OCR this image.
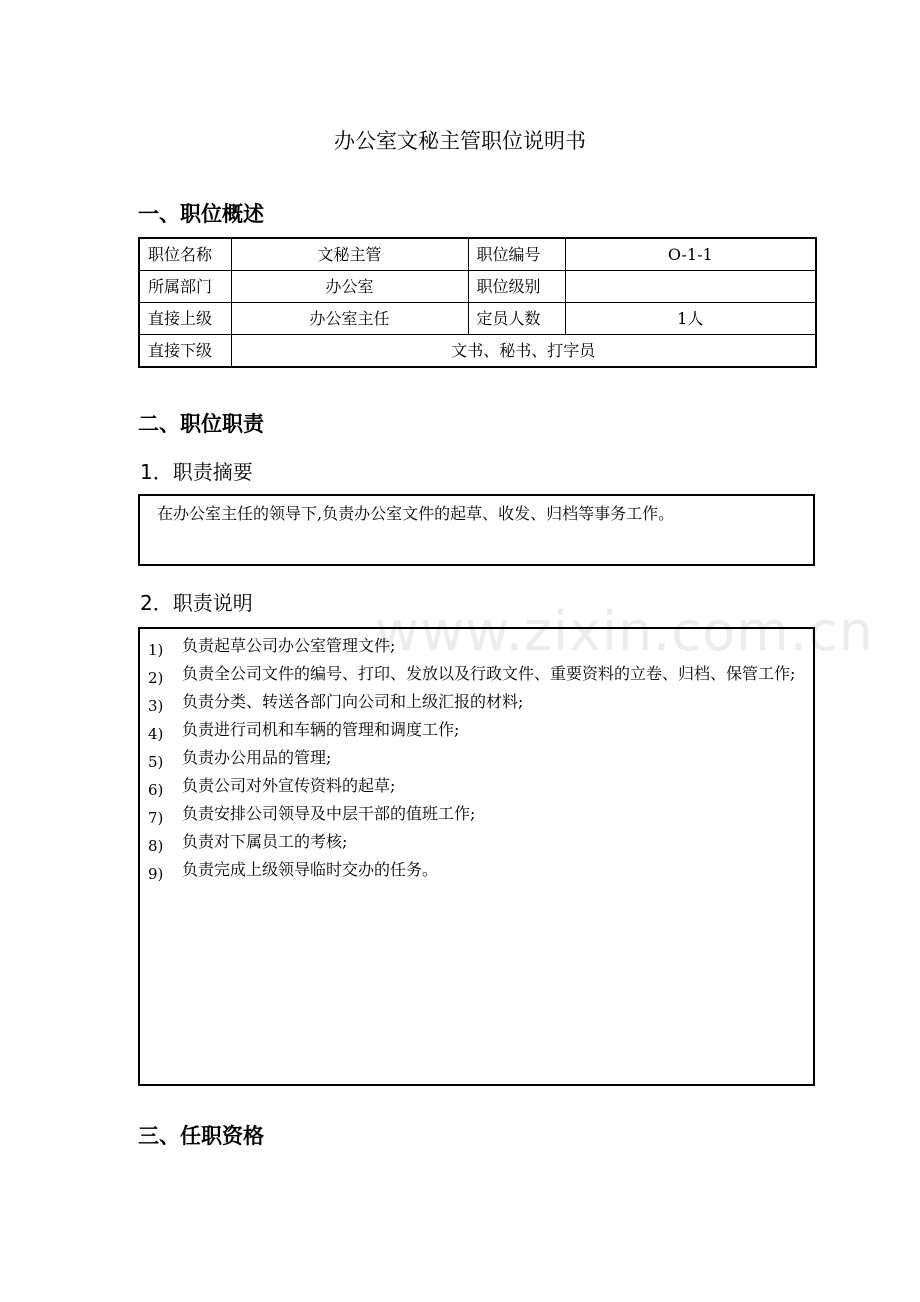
www.zixin.com.cn
办公室文秘主管职位说明书
一、职位概述
职位名称	文秘主管	职位编号	O-1-1
所属部门	办公室	职位级别	
直接上级	办公室主任	定员人数	1人
直接下级	文书、秘书、打字员		
二、职位职责
1．职责摘要
在办公室主任的领导下,负责办公室文件的起草、收发、归档等事务工作。
2．职责说明
1) 负责起草公司办公室管理文件;
2) 负责全公司文件的编号、打印、发放以及行政文件、重要资料的立卷、归档、保管工作;
3) 负责分类、转送各部门向公司和上级汇报的材料;
4) 负责进行司机和车辆的管理和调度工作;
5) 负责办公用品的管理;
6) 负责公司对外宣传资料的起草;
7) 负责安排公司领导及中层干部的值班工作;
8) 负责对下属员工的考核;
9) 负责完成上级领导临时交办的任务。
三、任职资格
